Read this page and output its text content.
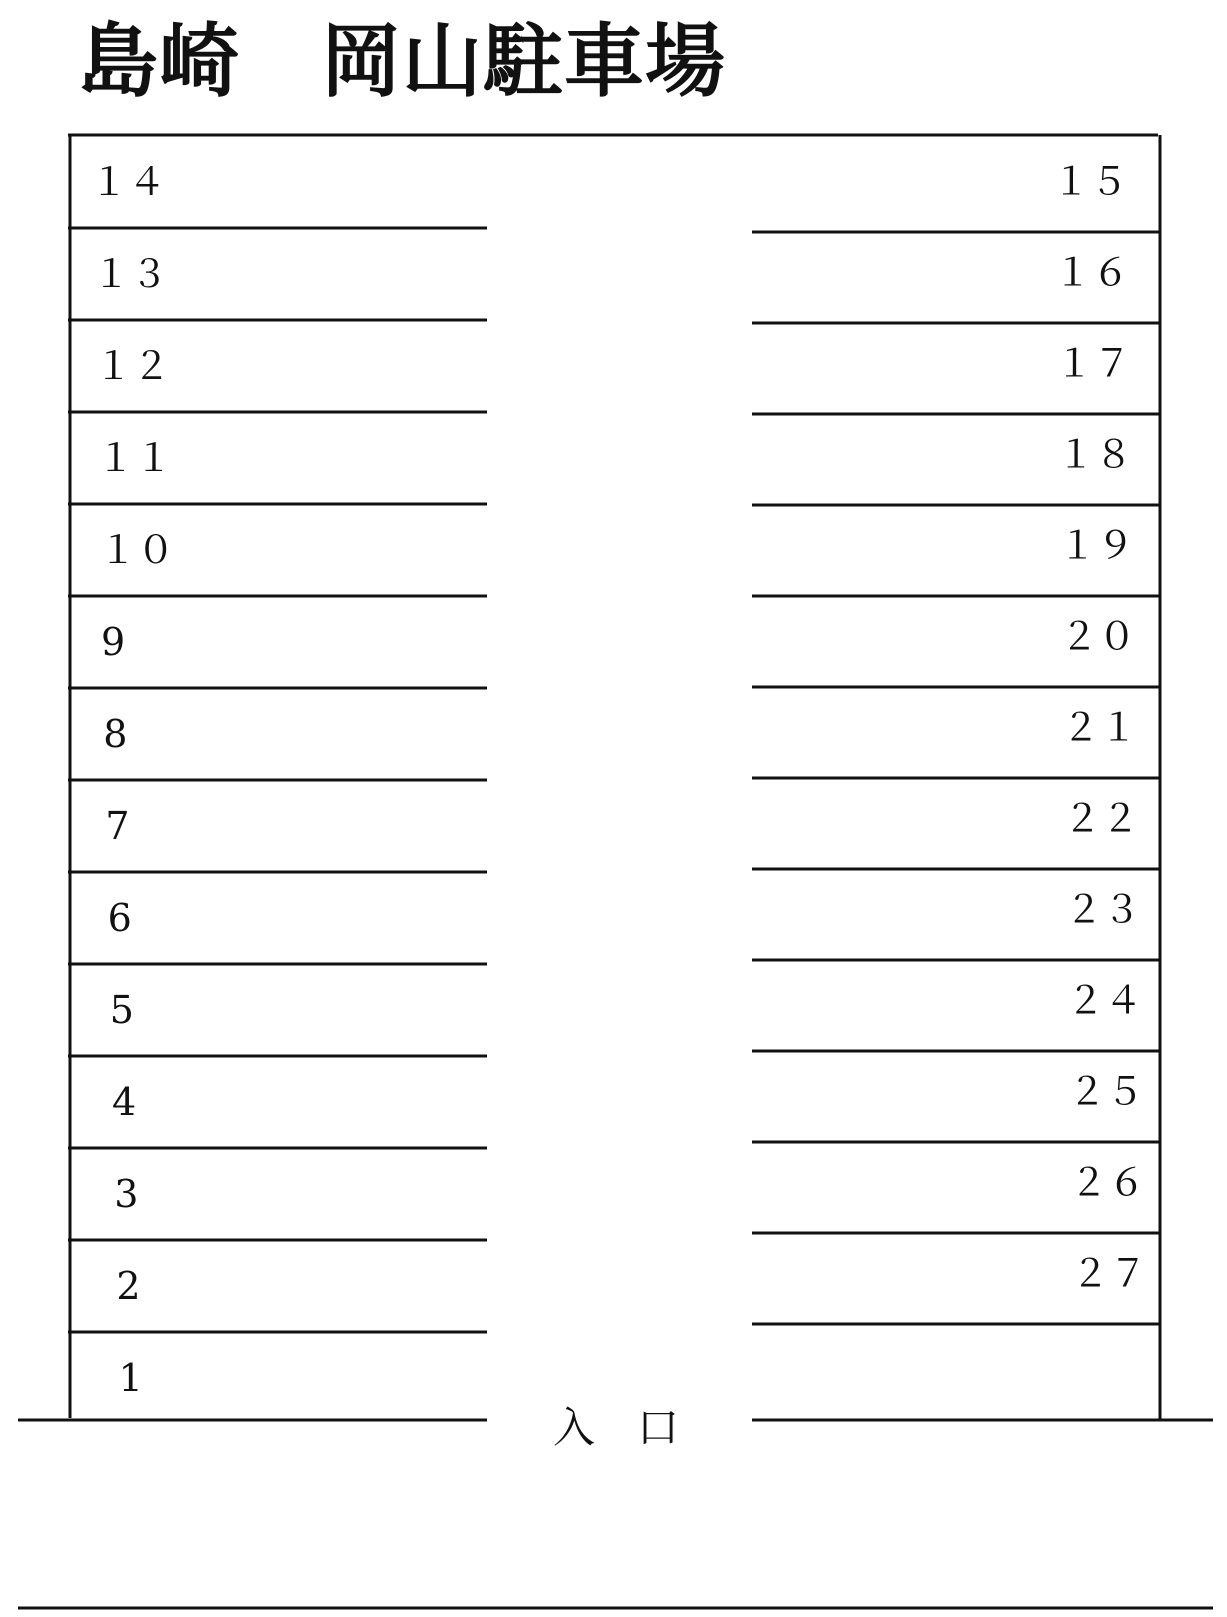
島崎　岡山駐車場
１４
１３
１２
１１
１０
9
8
7
6
5
4
3
2
1
１５
１６
１７
１８
１９
２０
２１
２２
２３
２４
２５
２６
２７
入　口
